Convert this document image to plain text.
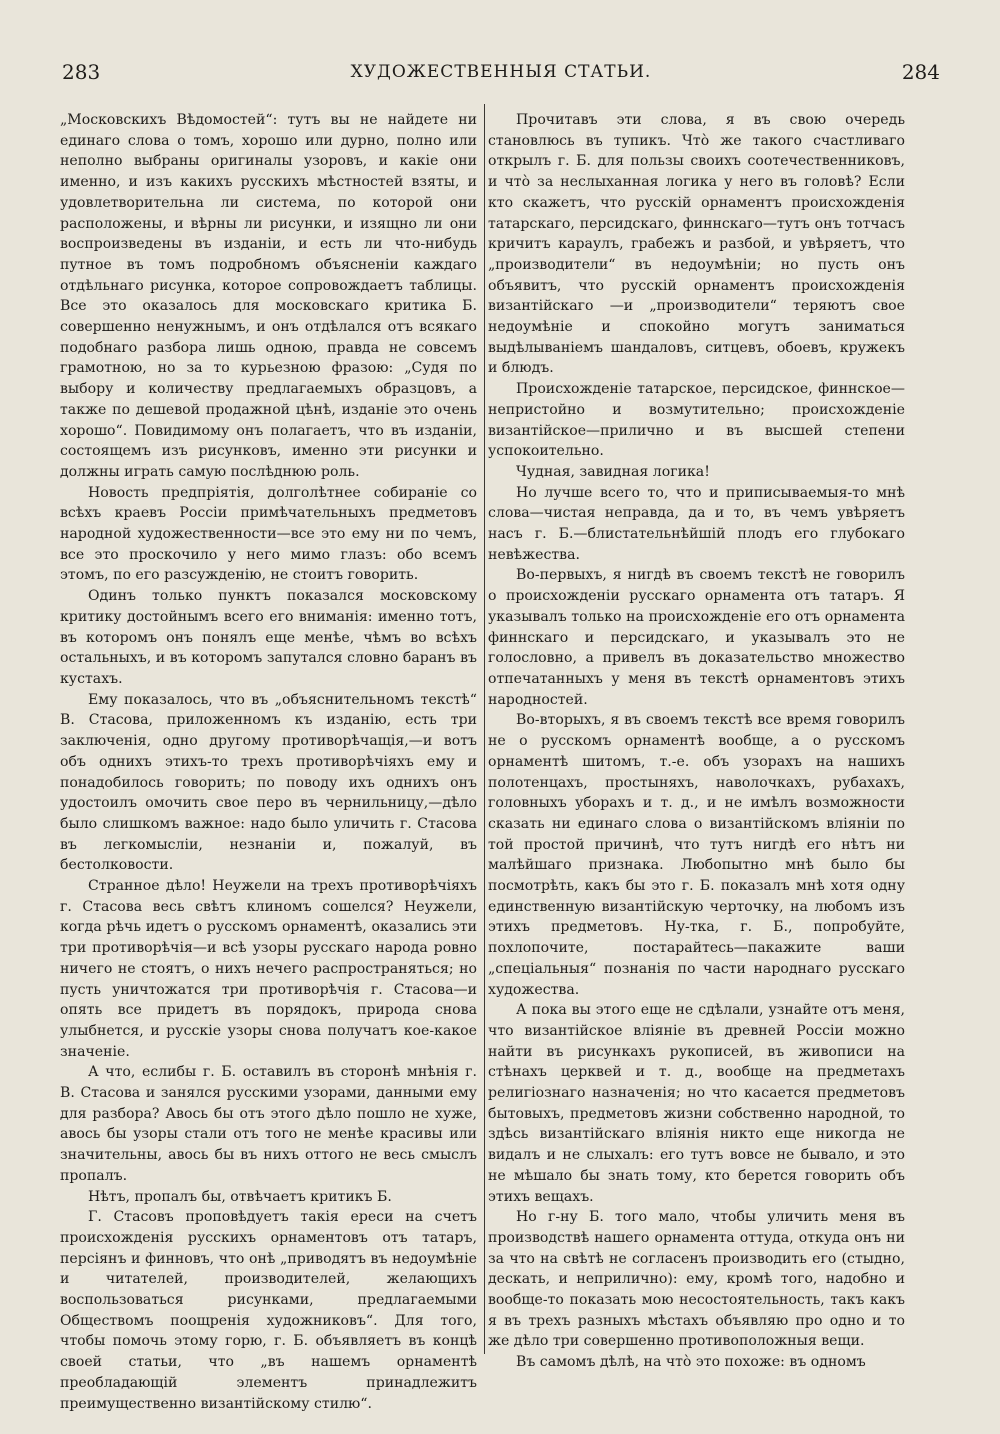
283	ХУДОЖЕСТВЕННЫЯ СТАТЬИ.	284

„Московскихъ Вѣдомостей“: тутъ вы не найдете ни единаго слова о томъ, хорошо или дурно, полно или неполно выбраны оригиналы узоровъ, и какіе они именно, и изъ какихъ русскихъ мѣстностей взяты, и удовлетворительна ли система, по которой они расположены, и вѣрны ли рисунки, и изящно ли они воспроизведены въ изданіи, и есть ли что-нибудь путное въ томъ подробномъ объясненіи каждаго отдѣльнаго рисунка, которое сопровождаетъ таблицы. Все это оказалось для московскаго критика Б. совершенно ненужнымъ, и онъ отдѣлался отъ всякаго подобнаго разбора лишь одною, правда не совсемъ грамотною, но за то курьезною фразою: „Судя по выбору и количеству предлагаемыхъ образцовъ, а также по дешевой продажной цѣнѣ, изданіе это очень хорошо“. Повидимому онъ полагаетъ, что въ изданіи, состоящемъ изъ рисунковъ, именно эти рисунки и должны играть самую послѣднюю роль.

Новость предпріятія, долголѣтнее собираніе со всѣхъ краевъ Россіи примѣчательныхъ предметовъ народной художественности—все это ему ни по чемъ, все это проскочило у него мимо глазъ: обо всемъ этомъ, по его разсужденію, не стоитъ говорить.

Одинъ только пунктъ показался московскому критику достойнымъ всего его вниманія: именно тотъ, въ которомъ онъ понялъ еще менѣе, чѣмъ во всѣхъ остальныхъ, и въ которомъ запутался словно баранъ въ кустахъ.

Ему показалось, что въ „объяснительномъ текстѣ“ В. Стасова, приложенномъ къ изданію, есть три заключенія, одно другому противорѣчащія,—и вотъ объ однихъ этихъ-то трехъ противорѣчіяхъ ему и понадобилось говорить; по поводу ихъ однихъ онъ удостоилъ омочить свое перо въ чернильницу,—дѣло было слишкомъ важное: надо было уличить г. Стасова въ легкомысліи, незнаніи и, пожалуй, въ бестолковости.

Странное дѣло! Неужели на трехъ противорѣчіяхъ г. Стасова весь свѣтъ клиномъ сошелся? Неужели, когда рѣчь идетъ о русскомъ орнаментѣ, оказались эти три противорѣчія—и всѣ узоры русскаго народа ровно ничего не стоятъ, о нихъ нечего распространяться; но пусть уничтожатся три противорѣчія г. Стасова—и опять все придетъ въ порядокъ, природа снова улыбнется, и русскіе узоры снова получатъ кое-какое значеніе.

А что, еслибы г. Б. оставилъ въ сторонѣ мнѣнія г. В. Стасова и занялся русскими узорами, данными ему для разбора? Авось бы отъ этого дѣло пошло не хуже, авось бы узоры стали отъ того не менѣе красивы или значительны, авось бы въ нихъ оттого не весь смыслъ пропалъ.

Нѣтъ, пропалъ бы, отвѣчаетъ критикъ Б.

Г. Стасовъ проповѣдуетъ такія ереси на счетъ происхожденія русскихъ орнаментовъ отъ татаръ, персіянъ и финновъ, что онѣ „приводятъ въ недоумѣніе и читателей, производителей, желающихъ воспользоваться рисунками, предлагаемыми Обществомъ поощренія художниковъ“. Для того, чтобы помочь этому горю, г. Б. объявляетъ въ концѣ своей статьи, что „въ нашемъ орнаментѣ преобладающій элементъ принадлежитъ преимущественно византійскому стилю“.

Прочитавъ эти слова, я въ свою очередь становлюсь въ тупикъ. Чтò же такого счастливаго открылъ г. Б. для пользы своихъ соотечественниковъ, и чтò за неслыханная логика у него въ головѣ? Если кто скажетъ, что русскій орнаментъ происхожденія татарскаго, персидскаго, финнскаго—тутъ онъ тотчасъ кричитъ караулъ, грабежъ и разбой, и увѣряетъ, что „производители“ въ недоумѣніи; но пусть онъ объявитъ, что русскій орнаментъ происхожденія византійскаго —и „производители“ теряютъ свое недоумѣніе и спокойно могутъ заниматься выдѣлываніемъ шандаловъ, ситцевъ, обоевъ, кружекъ и блюдъ.

Происхожденіе татарское, персидское, финнское—непристойно и возмутительно; происхожденіе византійское—прилично и въ высшей степени успокоительно.

Чудная, завидная логика!

Но лучше всего то, что и приписываемыя-то мнѣ слова—чистая неправда, да и то, въ чемъ увѣряетъ насъ г. Б.—блистательнѣйшій плодъ его глубокаго невѣжества.

Во-первыхъ, я нигдѣ въ своемъ текстѣ не говорилъ о происхожденіи русскаго орнамента отъ татаръ. Я указывалъ только на происхожденіе его отъ орнамента финнскаго и персидскаго, и указывалъ это не голословно, а привелъ въ доказательство множество отпечатанныхъ у меня въ текстѣ орнаментовъ этихъ народностей.

Во-вторыхъ, я въ своемъ текстѣ все время говорилъ не о русскомъ орнаментѣ вообще, а о русскомъ орнаментѣ шитомъ, т.-е. объ узорахъ на нашихъ полотенцахъ, простыняхъ, наволочкахъ, рубахахъ, головныхъ уборахъ и т. д., и не имѣлъ возможности сказать ни единаго слова о византійскомъ вліяніи по той простой причинѣ, что тутъ нигдѣ его нѣтъ ни малѣйшаго признака. Любопытно мнѣ было бы посмотрѣть, какъ бы это г. Б. показалъ мнѣ хотя одну единственную византійскую черточку, на любомъ изъ этихъ предметовъ. Ну-тка, г. Б., попробуйте, похлопочите, постарайтесь—пакажите ваши „спеціальныя“ познанія по части народнаго русскаго художества.

А пока вы этого еще не сдѣлали, узнайте отъ меня, что византійское вліяніе въ древней Россіи можно найти въ рисункахъ рукописей, въ живописи на стѣнахъ церквей и т. д., вообще на предметахъ религіознаго назначенія; но что касается предметовъ бытовыхъ, предметовъ жизни собственно народной, то здѣсь византійскаго вліянія никто еще никогда не видалъ и не слыхалъ: его тутъ вовсе не бывало, и это не мѣшало бы знать тому, кто берется говорить объ этихъ вещахъ.

Но г-ну Б. того мало, чтобы уличить меня въ производствѣ нашего орнамента оттуда, откуда онъ ни за что на свѣтѣ не согласенъ производить его (стыдно, дескать, и неприлично): ему, кромѣ того, надобно и вообще-то показать мою несостоятельность, такъ какъ я въ трехъ разныхъ мѣстахъ объявляю про одно и то же дѣло три совершенно противоположныя вещи.

Въ самомъ дѣлѣ, на чтò это похоже: въ одномъ
